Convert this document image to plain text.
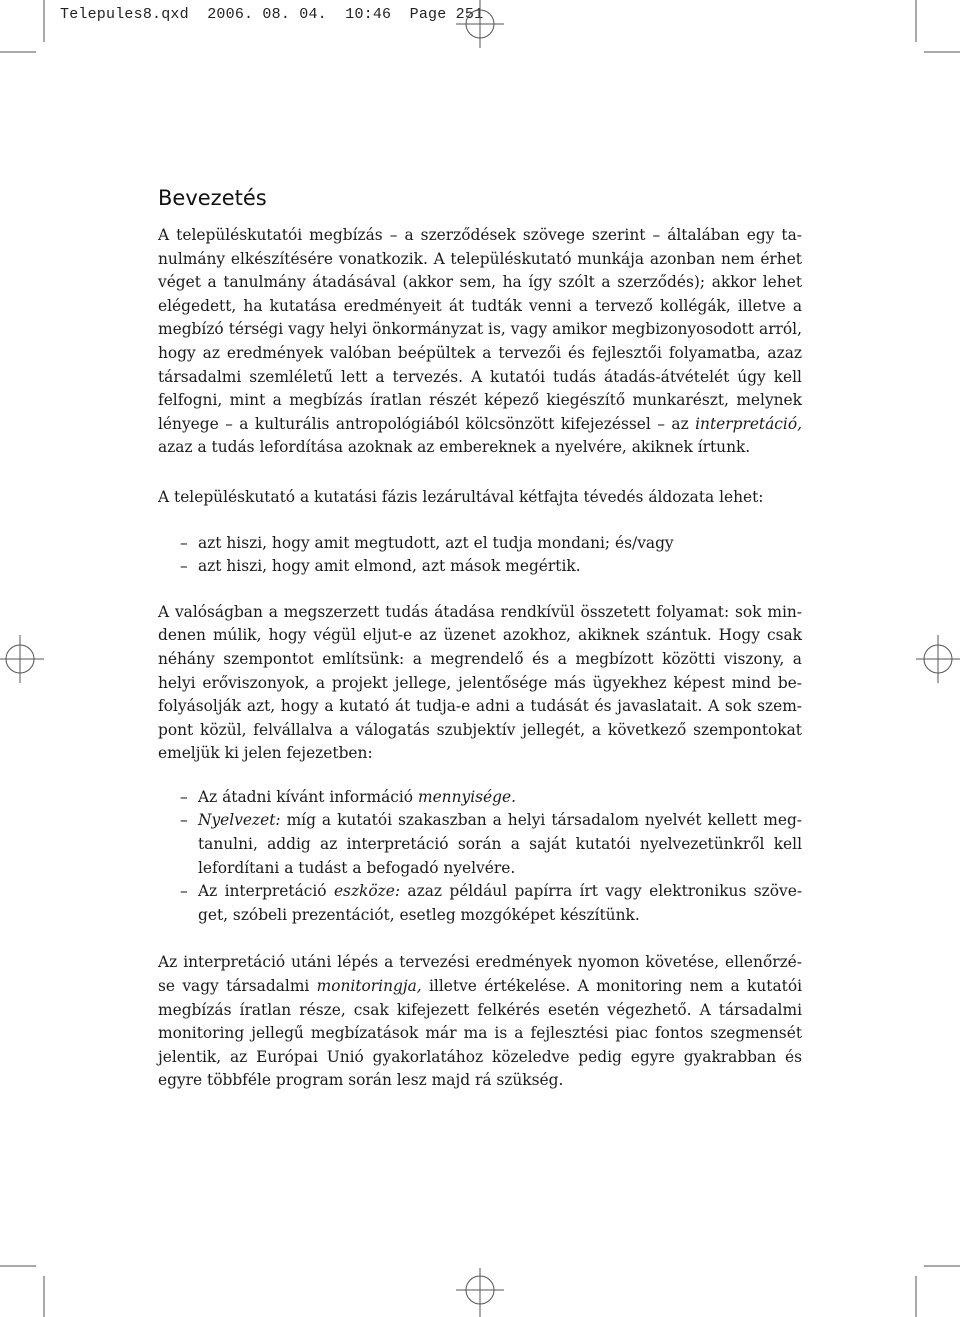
Telepules8.qxd  2006. 08. 04.  10:46  Page 251
Bevezetés

A településkutatói megbízás – a szerződések szövege szerint – általában egy tanulmány elkészítésére vonatkozik. A településkutató munkája azonban nem érhet véget a tanulmány átadásával (akkor sem, ha így szólt a szerződés); akkor lehet elégedett, ha kutatása eredményeit át tudták venni a tervező kollégák, illetve a megbízó térségi vagy helyi önkormányzat is, vagy amikor megbizonyosodott arról, hogy az eredmények valóban beépültek a tervezői és fejlesztői folyamatba, azaz társadalmi szemléletű lett a tervezés. A kutatói tudás átadás-átvételét úgy kell felfogni, mint a megbízás íratlan részét képező kiegészítő munkarészt, melynek lényege – a kulturális antropológiából kölcsönzött kifejezéssel – az interpretáció, azaz a tudás lefordítása azoknak az embereknek a nyelvére, akiknek írtunk.

A településkutató a kutatási fázis lezárultával kétfajta tévedés áldozata lehet:

– azt hiszi, hogy amit megtudott, azt el tudja mondani; és/vagy
– azt hiszi, hogy amit elmond, azt mások megértik.

A valóságban a megszerzett tudás átadása rendkívül összetett folyamat: sok mindenen múlik, hogy végül eljut-e az üzenet azokhoz, akiknek szántuk. Hogy csak néhány szempontot említsünk: a megrendelő és a megbízott közötti viszony, a helyi erőviszonyok, a projekt jellege, jelentősége más ügyekhez képest mind befolyásolják azt, hogy a kutató át tudja-e adni a tudását és javaslatait. A sok szempont közül, felvállalva a válogatás szubjektív jellegét, a következő szempontokat emeljük ki jelen fejezetben:

– Az átadni kívánt információ mennyisége.
– Nyelvezet: míg a kutatói szakaszban a helyi társadalom nyelvét kellett megtanulni, addig az interpretáció során a saját kutatói nyelvezetünkről kell lefordítani a tudást a befogadó nyelvére.
– Az interpretáció eszköze: azaz például papírra írt vagy elektronikus szöveget, szóbeli prezentációt, esetleg mozgóképet készítünk.

Az interpretáció utáni lépés a tervezési eredmények nyomon követése, ellenőrzése vagy társadalmi monitoringja, illetve értékelése. A monitoring nem a kutatói megbízás íratlan része, csak kifejezett felkérés esetén végezhető. A társadalmi monitoring jellegű megbízatások már ma is a fejlesztési piac fontos szegmensét jelentik, az Európai Unió gyakorlatához közeledve pedig egyre gyakrabban és egyre többféle program során lesz majd rá szükség.
